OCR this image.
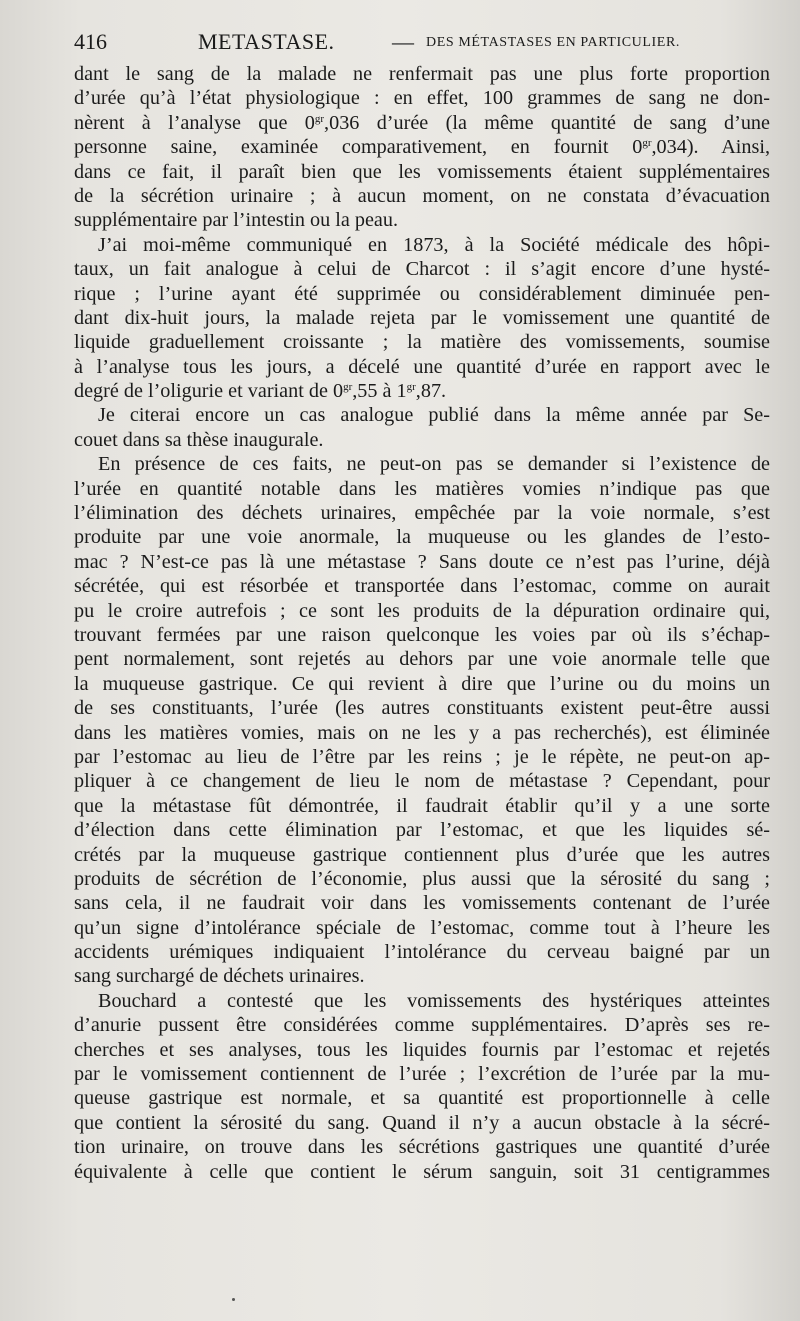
416	METASTASE.	— DES MÉTASTASES EN PARTICULIER.
dant le sang de la malade ne renfermait pas une plus forte proportion
d’urée qu’à l’état physiologique : en effet, 100 grammes de sang ne don-
nèrent à l’analyse que $0^{gr},036$ d’urée (la même quantité de sang d’une
personne saine, examinée comparativement, en fournit $0^{gr},034$). Ainsi,
dans ce fait, il paraît bien que les vomissements étaient supplémentaires
de la sécrétion urinaire ; à aucun moment, on ne constata d’évacuation
supplémentaire par l’intestin ou la peau.
J’ai moi-même communiqué en 1873, à la Société médicale des hôpi-
taux, un fait analogue à celui de Charcot : il s’agit encore d’une hysté-
rique ; l’urine ayant été supprimée ou considérablement diminuée pen-
dant dix-huit jours, la malade rejeta par le vomissement une quantité de
liquide graduellement croissante ; la matière des vomissements, soumise
à l’analyse tous les jours, a décelé une quantité d’urée en rapport avec le
degré de l’oligurie et variant de $0^{gr},55$ à $1^{gr},87$.
Je citerai encore un cas analogue publié dans la même année par Se-
couet dans sa thèse inaugurale.
En présence de ces faits, ne peut-on pas se demander si l’existence de
l’urée en quantité notable dans les matières vomies n’indique pas que
l’élimination des déchets urinaires, empêchée par la voie normale, s’est
produite par une voie anormale, la muqueuse ou les glandes de l’esto-
mac ? N’est-ce pas là une métastase ? Sans doute ce n’est pas l’urine, déjà
sécrétée, qui est résorbée et transportée dans l’estomac, comme on aurait
pu le croire autrefois ; ce sont les produits de la dépuration ordinaire qui,
trouvant fermées par une raison quelconque les voies par où ils s’échap-
pent normalement, sont rejetés au dehors par une voie anormale telle que
la muqueuse gastrique. Ce qui revient à dire que l’urine ou du moins un
de ses constituants, l’urée (les autres constituants existent peut-être aussi
dans les matières vomies, mais on ne les y a pas recherchés), est éliminée
par l’estomac au lieu de l’être par les reins ; je le répète, ne peut-on ap-
pliquer à ce changement de lieu le nom de métastase ? Cependant, pour
que la métastase fût démontrée, il faudrait établir qu’il y a une sorte
d’élection dans cette élimination par l’estomac, et que les liquides sé-
crétés par la muqueuse gastrique contiennent plus d’urée que les autres
produits de sécrétion de l’économie, plus aussi que la sérosité du sang ;
sans cela, il ne faudrait voir dans les vomissements contenant de l’urée
qu’un signe d’intolérance spéciale de l’estomac, comme tout à l’heure les
accidents urémiques indiquaient l’intolérance du cerveau baigné par un
sang surchargé de déchets urinaires.
Bouchard a contesté que les vomissements des hystériques atteintes
d’anurie pussent être considérées comme supplémentaires. D’après ses re-
cherches et ses analyses, tous les liquides fournis par l’estomac et rejetés
par le vomissement contiennent de l’urée ; l’excrétion de l’urée par la mu-
queuse gastrique est normale, et sa quantité est proportionnelle à celle
que contient la sérosité du sang. Quand il n’y a aucun obstacle à la sécré-
tion urinaire, on trouve dans les sécrétions gastriques une quantité d’urée
équivalente à celle que contient le sérum sanguin, soit 31 centigrammes
